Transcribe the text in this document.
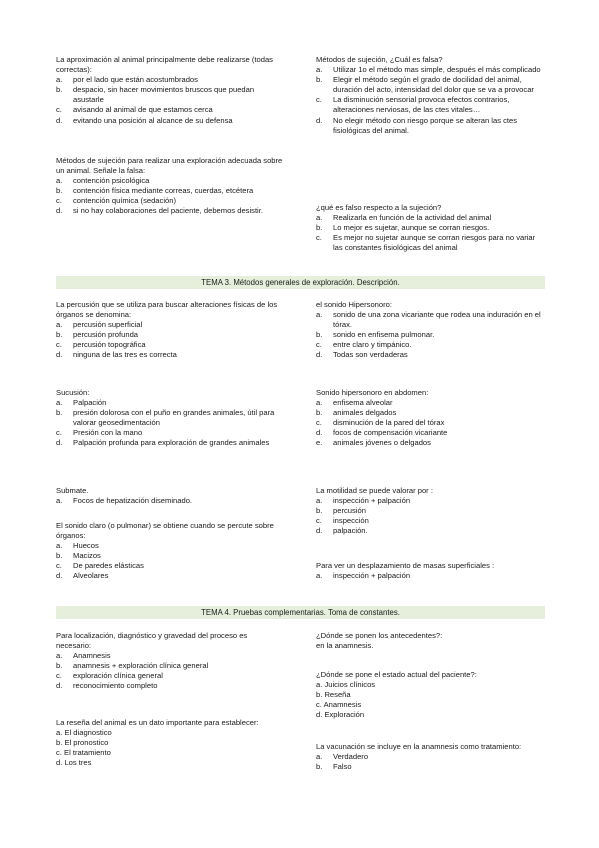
La aproximación al animal principalmente debe realizarse (todas correctas):

a. por el lado que están acostumbrados
b. despacio, sin hacer movimientos bruscos que puedan asustarle
c. avisando al animal de que estamos cerca
d. evitando una posición al alcance de su defensa

Métodos de sujeción para realizar una exploración adecuada sobre un animal. Señale la falsa:

a. contención psicológica
b. contención física mediante correas, cuerdas, etcétera
c. contención química (sedación)
d. si no hay colaboraciones del paciente, debemos desistir.

Métodos de sujeción, ¿Cuál es falsa?

a. Utilizar 1o el método mas simple, después el más complicado
b. Elegir el método según el grado de docilidad del animal, duración del acto, intensidad del dolor que se va a provocar
c. La disminución sensorial provoca efectos contrarios, alteraciones nerviosas, de las ctes vitales…
d. No elegir método con riesgo porque se alteran las ctes fisiológicas del animal.

¿qué es falso respecto a la sujeción?

a. Realizarla en función de la actividad del animal
b. Lo mejor es sujetar, aunque se corran riesgos.
c. Es mejor no sujetar aunque se corran riesgos para no variar las constantes fisiológicas del animal
TEMA 3. Métodos generales de exploración. Descripción.

La percusión que se utiliza para buscar alteraciones físicas de los órganos se denomina:

a. percusión superficial
b. percusión profunda
c. percusión topográfica
d. ninguna de las tres es correcta

Sucusión:

a. Palpación
b. presión dolorosa con el puño en grandes animales, útil para valorar geosedimentación
c. Presión con la mano
d. Palpación profunda para exploración de grandes animales

Submate.

a. Focos de hepatización diseminado.

El sonido claro (o pulmonar) se obtiene cuando se percute sobre órganos:

a. Huecos
b. Macizos
c. De paredes elásticas
d. Alveolares

el sonido Hipersonoro:

a. sonido de una zona vicariante que rodea una induración en el tórax.
b. sonido en enfisema pulmonar.
c. entre claro y timpánico.
d. Todas son verdaderas

Sonido hipersonoro en abdomen:

a. enfisema alveolar
b. animales delgados
c. disminución de la pared del tórax
d. focos de compensación vicariante
e. animales jóvenes o delgados

La motilidad se puede valorar por :

a. inspección + palpación
b. percusión
c. inspección
d. palpación.

Para ver un desplazamiento de masas superficiales :

a. inspección + palpación
TEMA 4. Pruebas complementarias. Toma de constantes.

Para localización, diagnóstico y gravedad del proceso es necesario:

a. Anamnesis
b. anamnesis + exploración clínica general
c. exploración clínica general
d. reconocimiento completo

La reseña del animal es un dato importante para establecer:

a. El diagnostico

b. El pronostico

c. El tratamiento

d. Los tres

¿Dónde se ponen los antecedentes?:

en la anamnesis.

¿Dónde se pone el estado actual del paciente?:

a. Juicios clínicos

b. Reseña

c. Anamnesis

d. Exploración

La vacunación se incluye en la anamnesis como tratamiento:

a. Verdadero
b. Falso
